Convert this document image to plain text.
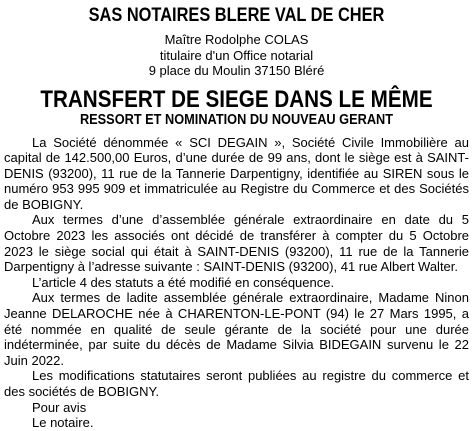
SAS NOTAIRES BLERE VAL DE CHER
Maître Rodolphe COLAS
titulaire d'un Office notarial
9 place du Moulin 37150 Bléré
TRANSFERT DE SIEGE DANS LE MÊME
RESSORT ET NOMINATION DU NOUVEAU GERANT

La Société dénommée « SCI DEGAIN », Société Civile Immobilière au capital de 142.500,00 Euros, d’une durée de 99 ans, dont le siège est à SAINT-DENIS (93200), 11 rue de la Tannerie Darpentigny, identifiée au SIREN sous le numéro 953 995 909 et immatriculée au Registre du Commerce et des Sociétés de BOBIGNY.

Aux termes d’une d’assemblée générale extraordinaire en date du 5 Octobre 2023 les associés ont décidé de transférer à compter du 5 Octobre 2023 le siège social qui était à SAINT-DENIS (93200), 11 rue de la Tannerie Darpentigny à l’adresse suivante : SAINT-DENIS (93200), 41 rue Albert Walter.

L’article 4 des statuts a été modifié en conséquence.

Aux termes de ladite assemblée générale extraordinaire, Madame Ninon Jeanne DELAROCHE née à CHARENTON-LE-PONT (94) le 27 Mars 1995, a été nommée en qualité de seule gérante de la société pour une durée indéterminée, par suite du décès de Madame Silvia BIDEGAIN survenu le 22 Juin 2022.

Les modifications statutaires seront publiées au registre du commerce et des sociétés de BOBIGNY.

Pour avis
Le notaire.
